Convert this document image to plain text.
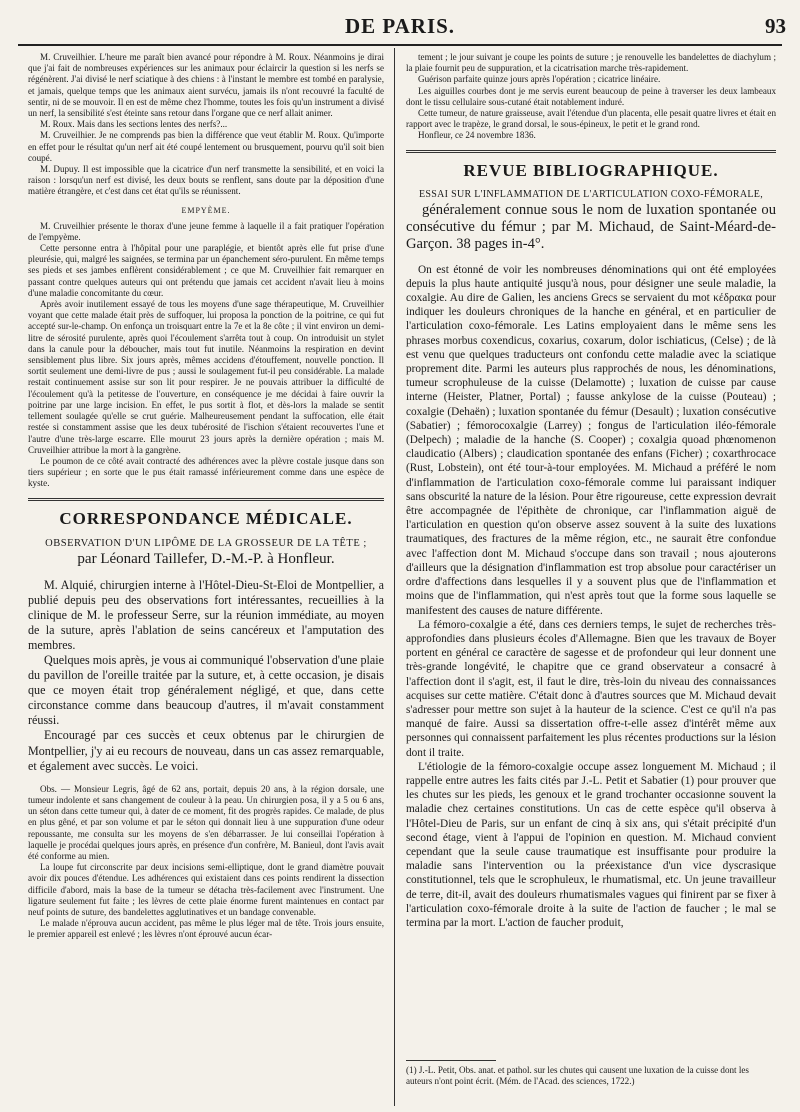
DE PARIS.	93

M. Cruveilhier. L'heure me paraît bien avancé pour répondre à M. Roux. Néanmoins je dirai que j'ai fait de nombreuses expériences sur les animaux pour éclaircir la question si les nerfs se régénèrent. J'ai divisé le nerf sciatique à des chiens : à l'instant le membre est tombé en paralysie, et jamais, quelque temps que les animaux aient survécu, jamais ils n'ont recouvré la faculté de sentir, ni de se mouvoir. Il en est de même chez l'homme, toutes les fois qu'un instrument a divisé un nerf, la sensibilité s'est éteinte sans retour dans l'organe que ce nerf allait animer.

M. Roux. Mais dans les sections lentes des nerfs?...

M. Cruveilhier. Je ne comprends pas bien la différence que veut établir M. Roux. Qu'importe en effet pour le résultat qu'un nerf ait été coupé lentement ou brusquement, pourvu qu'il soit bien coupé.

M. Dupuy. Il est impossible que la cicatrice d'un nerf transmette la sensibilité, et en voici la raison : lorsqu'un nerf est divisé, les deux bouts se renflent, sans doute par la déposition d'une matière étrangère, et c'est dans cet état qu'ils se réunissent.

EMPYÈME.

M. Cruveilhier présente le thorax d'une jeune femme à laquelle il a fait pratiquer l'opération de l'empyème.

Cette personne entra à l'hôpital pour une paraplégie, et bientôt après elle fut prise d'une pleurésie, qui, malgré les saignées, se termina par un épanchement séro-purulent. En même temps ses pieds et ses jambes enflèrent considérablement ; ce que M. Cruveilhier fait remarquer en passant contre quelques auteurs qui ont prétendu que jamais cet accident n'avait lieu à moins d'une maladie concomitante du cœur.

Après avoir inutilement essayé de tous les moyens d'une sage thérapeutique, M. Cruveilhier voyant que cette malade était près de suffoquer, lui proposa la ponction de la poitrine, ce qui fut accepté sur-le-champ. On enfonça un troisquart entre la 7e et la 8e côte ; il vint environ un demi-litre de sérosité purulente, après quoi l'écoulement s'arrêta tout à coup. On introduisit un stylet dans la canule pour la déboucher, mais tout fut inutile. Néanmoins la respiration en devint sensiblement plus libre. Six jours après, mêmes accidens d'étouffement, nouvelle ponction. Il sortit seulement une demi-livre de pus ; aussi le soulagement fut-il peu considérable. La malade restait continuement assise sur son lit pour respirer. Je ne pouvais attribuer la difficulté de l'écoulement qu'à la petitesse de l'ouverture, en conséquence je me décidai à faire ouvrir la poitrine par une large incision. En effet, le pus sortit à flot, et dès-lors la malade se sentit tellement soulagée qu'elle se crut guérie. Malheureusement pendant la suffocation, elle était restée si constamment assise que les deux tubérosité de l'ischion s'étaient recouvertes l'une et l'autre d'une très-large escarre. Elle mourut 23 jours après la dernière opération ; mais M. Cruveilhier attribue la mort à la gangrène.

Le poumon de ce côté avait contracté des adhérences avec la plèvre costale jusque dans son tiers supérieur ; en sorte que le pus était ramassé inférieurement comme dans une espèce de kyste.

CORRESPONDANCE MÉDICALE.
OBSERVATION D'UN LIPÔME DE LA GROSSEUR DE LA TÊTE ;
par Léonard Taillefer, D.-M.-P. à Honfleur.

M. Alquié, chirurgien interne à l'Hôtel-Dieu-St-Eloi de Montpellier, a publié depuis peu des observations fort intéressantes, recueillies à la clinique de M. le professeur Serre, sur la réunion immédiate, au moyen de la suture, après l'ablation de seins cancéreux et l'amputation des membres.

Quelques mois après, je vous ai communiqué l'observation d'une plaie du pavillon de l'oreille traitée par la suture, et, à cette occasion, je disais que ce moyen était trop généralement négligé, et que, dans cette circonstance comme dans beaucoup d'autres, il m'avait constamment réussi.

Encouragé par ces succès et ceux obtenus par le chirurgien de Montpellier, j'y ai eu recours de nouveau, dans un cas assez remarquable, et également avec succès. Le voici.

Obs. — Monsieur Legris, âgé de 62 ans, portait, depuis 20 ans, à la région dorsale, une tumeur indolente et sans changement de couleur à la peau. Un chirurgien posa, il y a 5 ou 6 ans, un séton dans cette tumeur qui, à dater de ce moment, fit des progrès rapides. Ce malade, de plus en plus gêné, et par son volume et par le séton qui donnait lieu à une suppuration d'une odeur repoussante, me consulta sur les moyens de s'en débarrasser. Je lui conseillai l'opération à laquelle je procédai quelques jours après, en présence d'un confrère, M. Banieul, dont l'avis avait été conforme au mien.

La loupe fut circonscrite par deux incisions semi-elliptique, dont le grand diamètre pouvait avoir dix pouces d'étendue. Les adhérences qui existaient dans ces points rendirent la dissection difficile d'abord, mais la base de la tumeur se détacha très-facilement avec l'instrument. Une ligature seulement fut faite ; les lèvres de cette plaie énorme furent maintenues en contact par neuf points de suture, des bandelettes agglutinatives et un bandage convenable.

Le malade n'éprouva aucun accident, pas même le plus léger mal de tête. Trois jours ensuite, le premier appareil est enlevé ; les lèvres n'ont éprouvé aucun écar-

tement ; le jour suivant je coupe les points de suture ; je renouvelle les bandelettes de diachylum ; la plaie fournit peu de suppuration, et la cicatrisation marche très-rapidement.

Guérison parfaite quinze jours après l'opération ; cicatrice linéaire.

Les aiguilles courbes dont je me servis eurent beaucoup de peine à traverser les deux lambeaux dont le tissu cellulaire sous-cutané était notablement induré.

Cette tumeur, de nature graisseuse, avait l'étendue d'un placenta, elle pesait quatre livres et était en rapport avec le trapèze, le grand dorsal, le sous-épineux, le petit et le grand rond.

Honfleur, ce 24 novembre 1836.

REVUE BIBLIOGRAPHIQUE.
ESSAI SUR L'INFLAMMATION DE L'ARTICULATION COXO-FÉMORALE,
généralement connue sous le nom de luxation spontanée ou consécutive du fémur ; par M. Michaud, de Saint-Méard-de-Garçon. 38 pages in-4°.

On est étonné de voir les nombreuses dénominations qui ont été employées depuis la plus haute antiquité jusqu'à nous, pour désigner une seule maladie, la coxalgie. Au dire de Galien, les anciens Grecs se servaient du mot κέδρακα pour indiquer les douleurs chroniques de la hanche en général, et en particulier de l'articulation coxo-fémorale. Les Latins employaient dans le même sens les phrases morbus coxendicus, coxarius, coxarum, dolor ischiaticus, (Celse) ; de là est venu que quelques traducteurs ont confondu cette maladie avec la sciatique proprement dite. Parmi les auteurs plus rapprochés de nous, les dénominations, tumeur scrophuleuse de la cuisse (Delamotte) ; luxation de cuisse par cause interne (Heister, Platner, Portal) ; fausse ankylose de la cuisse (Pouteau) ; coxalgie (Dehaën) ; luxation spontanée du fémur (Desault) ; luxation consécutive (Sabatier) ; fémorocoxalgie (Larrey) ; fongus de l'articulation iléo-fémorale (Delpech) ; maladie de la hanche (S. Cooper) ; coxalgia quoad phœnomenon claudicatio (Albers) ; claudication spontanée des enfans (Ficher) ; coxarthrocace (Rust, Lobstein), ont été tour-à-tour employées. M. Michaud a préféré le nom d'inflammation de l'articulation coxo-fémorale comme lui paraissant indiquer sans obscurité la nature de la lésion. Pour être rigoureuse, cette expression devrait être accompagnée de l'épithète de chronique, car l'inflammation aiguë de l'articulation en question qu'on observe assez souvent à la suite des luxations traumatiques, des fractures de la même région, etc., ne saurait être confondue avec l'affection dont M. Michaud s'occupe dans son travail ; nous ajouterons d'ailleurs que la désignation d'inflammation est trop absolue pour caractériser un ordre d'affections dans lesquelles il y a souvent plus que de l'inflammation et moins que de l'inflammation, qui n'est après tout que la forme sous laquelle se manifestent des causes de nature différente.

La fémoro-coxalgie a été, dans ces derniers temps, le sujet de recherches très-approfondies dans plusieurs écoles d'Allemagne. Bien que les travaux de Boyer portent en général ce caractère de sagesse et de profondeur qui leur donnent une très-grande longévité, le chapitre que ce grand observateur a consacré à l'affection dont il s'agit, est, il faut le dire, très-loin du niveau des connaissances acquises sur cette matière. C'était donc à d'autres sources que M. Michaud devait s'adresser pour mettre son sujet à la hauteur de la science. C'est ce qu'il n'a pas manqué de faire. Aussi sa dissertation offre-t-elle assez d'intérêt même aux personnes qui connaissent parfaitement les plus récentes productions sur la lésion dont il traite.

L'étiologie de la fémoro-coxalgie occupe assez longuement M. Michaud ; il rappelle entre autres les faits cités par J.-L. Petit et Sabatier (1) pour prouver que les chutes sur les pieds, les genoux et le grand trochanter occasionne souvent la maladie chez certaines constitutions. Un cas de cette espèce qu'il observa à l'Hôtel-Dieu de Paris, sur un enfant de cinq à six ans, qui s'était précipité d'un second étage, vient à l'appui de l'opinion en question. M. Michaud convient cependant que la seule cause traumatique est insuffisante pour produire la maladie sans l'intervention ou la préexistance d'un vice dyscrasique constitutionnel, tels que le scrophuleux, le rhumatismal, etc. Un jeune travailleur de terre, dit-il, avait des douleurs rhumatismales vagues qui finirent par se fixer à l'articulation coxo-fémorale droite à la suite de l'action de faucher ; le mal se termina par la mort. L'action de faucher produit,

(1) J.-L. Petit, Obs. anat. et pathol. sur les chutes qui causent une luxation de la cuisse dont les auteurs n'ont point écrit. (Mém. de l'Acad. des sciences, 1722.)
